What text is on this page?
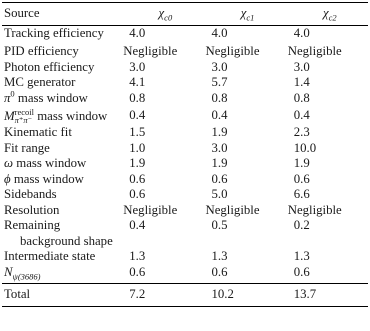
Source	$\chi_{c0}$	$\chi_{c1}$	$\chi_{c2}$
Tracking efficiency	4.0	4.0	4.0
PID efficiency	Negligible	Negligible	Negligible
Photon efficiency	3.0	3.0	3.0
MC generator	4.1	5.7	1.4
$\pi^0$ mass window	0.8	0.8	0.8
M recoil
π⁺π⁻ mass window	0.4	0.4	0.4
Kinematic fit	1.5	1.9	2.3
Fit range	1.0	3.0	10.0
ω mass window	1.9	1.9	1.9
ϕ mass window	0.6	0.6	0.6
Sidebands	0.6	5.0	6.6
Resolution	Negligible	Negligible	Negligible
Remaining
background shape	0.4	0.5	0.2
Intermediate state	1.3	1.3	1.3
$N_{\psi(3686)}$	0.6	0.6	0.6
Total	7.2	10.2	13.7
